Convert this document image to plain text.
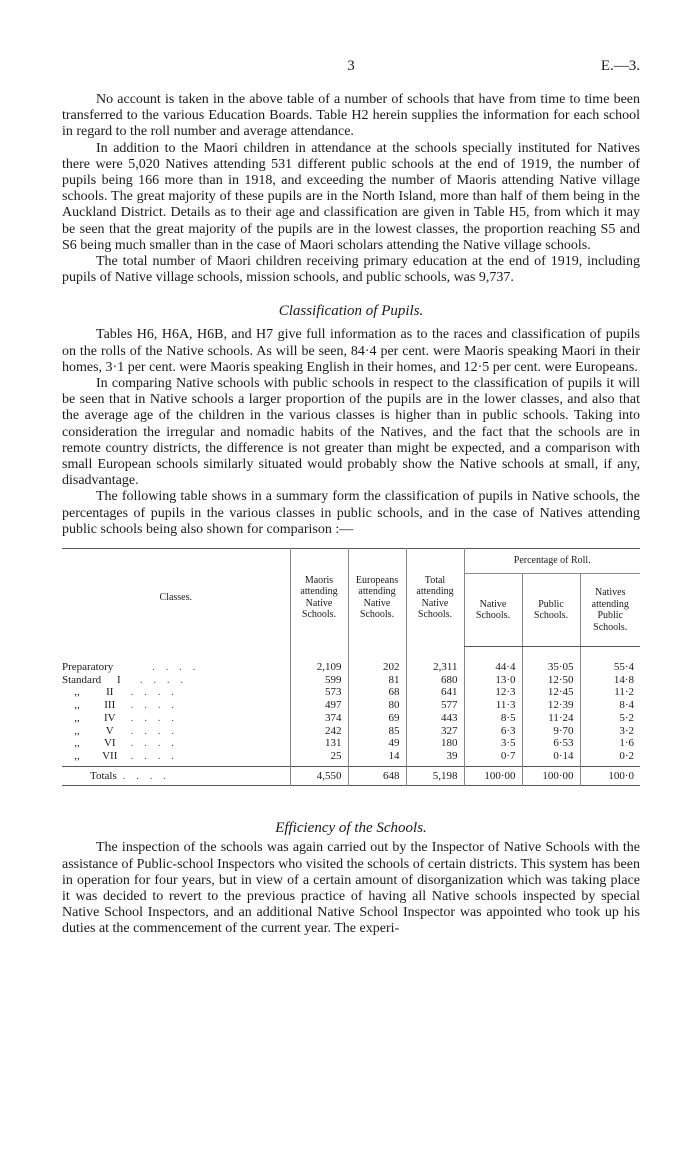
3	E.—3.

No account is taken in the above table of a number of schools that have from time to time been transferred to the various Education Boards. Table H2 herein supplies the information for each school in regard to the roll number and average attendance.

In addition to the Maori children in attendance at the schools specially instituted for Natives there were 5,020 Natives attending 531 different public schools at the end of 1919, the number of pupils being 166 more than in 1918, and exceeding the number of Maoris attending Native village schools. The great majority of these pupils are in the North Island, more than half of them being in the Auckland District. Details as to their age and classification are given in Table H5, from which it may be seen that the great majority of the pupils are in the lowest classes, the proportion reaching S5 and S6 being much smaller than in the case of Maori scholars attending the Native village schools.

The total number of Maori children receiving primary education at the end of 1919, including pupils of Native village schools, mission schools, and public schools, was 9,737.

Classification of Pupils.

Tables H6, H6A, H6B, and H7 give full information as to the races and classification of pupils on the rolls of the Native schools. As will be seen, 84·4 per cent. were Maoris speaking Maori in their homes, 3·1 per cent. were Maoris speaking English in their homes, and 12·5 per cent. were Europeans.

In comparing Native schools with public schools in respect to the classification of pupils it will be seen that in Native schools a larger proportion of the pupils are in the lower classes, and also that the average age of the children in the various classes is higher than in public schools. Taking into consideration the irregular and nomadic habits of the Natives, and the fact that the schools are in remote country districts, the difference is not greater than might be expected, and a comparison with small European schools similarly situated would probably show the Native schools at small, if any, disadvantage.

The following table shows in a summary form the classification of pupils in Native schools, the percentages of pupils in the various classes in public schools, and in the case of Natives attending public schools being also shown for comparison :—

Classes.	Maoris attending Native Schools.	Europeans attending Native Schools.	Total attending Native Schools.	Percentage of Roll.		
				Native Schools.	Public Schools.	Natives attending Public Schools.
Preparatory . . . .	2,109	202	2,311	44·4	35·05	55·4
Standard I . . . .	599	81	680	13·0	12·50	14·8
,, II . . . .	573	68	641	12·3	12·45	11·2
,, III . . . .	497	80	577	11·3	12·39	8·4
,, IV . . . .	374	69	443	8·5	11·24	5·2
,, V . . . .	242	85	327	6·3	9·70	3·2
,, VI . . . .	131	49	180	3·5	6·53	1·6
,, VII . . . .	25	14	39	0·7	0·14	0·2
Totals . . . .	4,550	648	5,198	100·00	100·00	100·0
Efficiency of the Schools.

The inspection of the schools was again carried out by the Inspector of Native Schools with the assistance of Public-school Inspectors who visited the schools of certain districts. This system has been in operation for four years, but in view of a certain amount of disorganization which was taking place it was decided to revert to the previous practice of having all Native schools inspected by special Native School Inspectors, and an additional Native School Inspector was appointed who took up his duties at the commencement of the current year. The experi-
